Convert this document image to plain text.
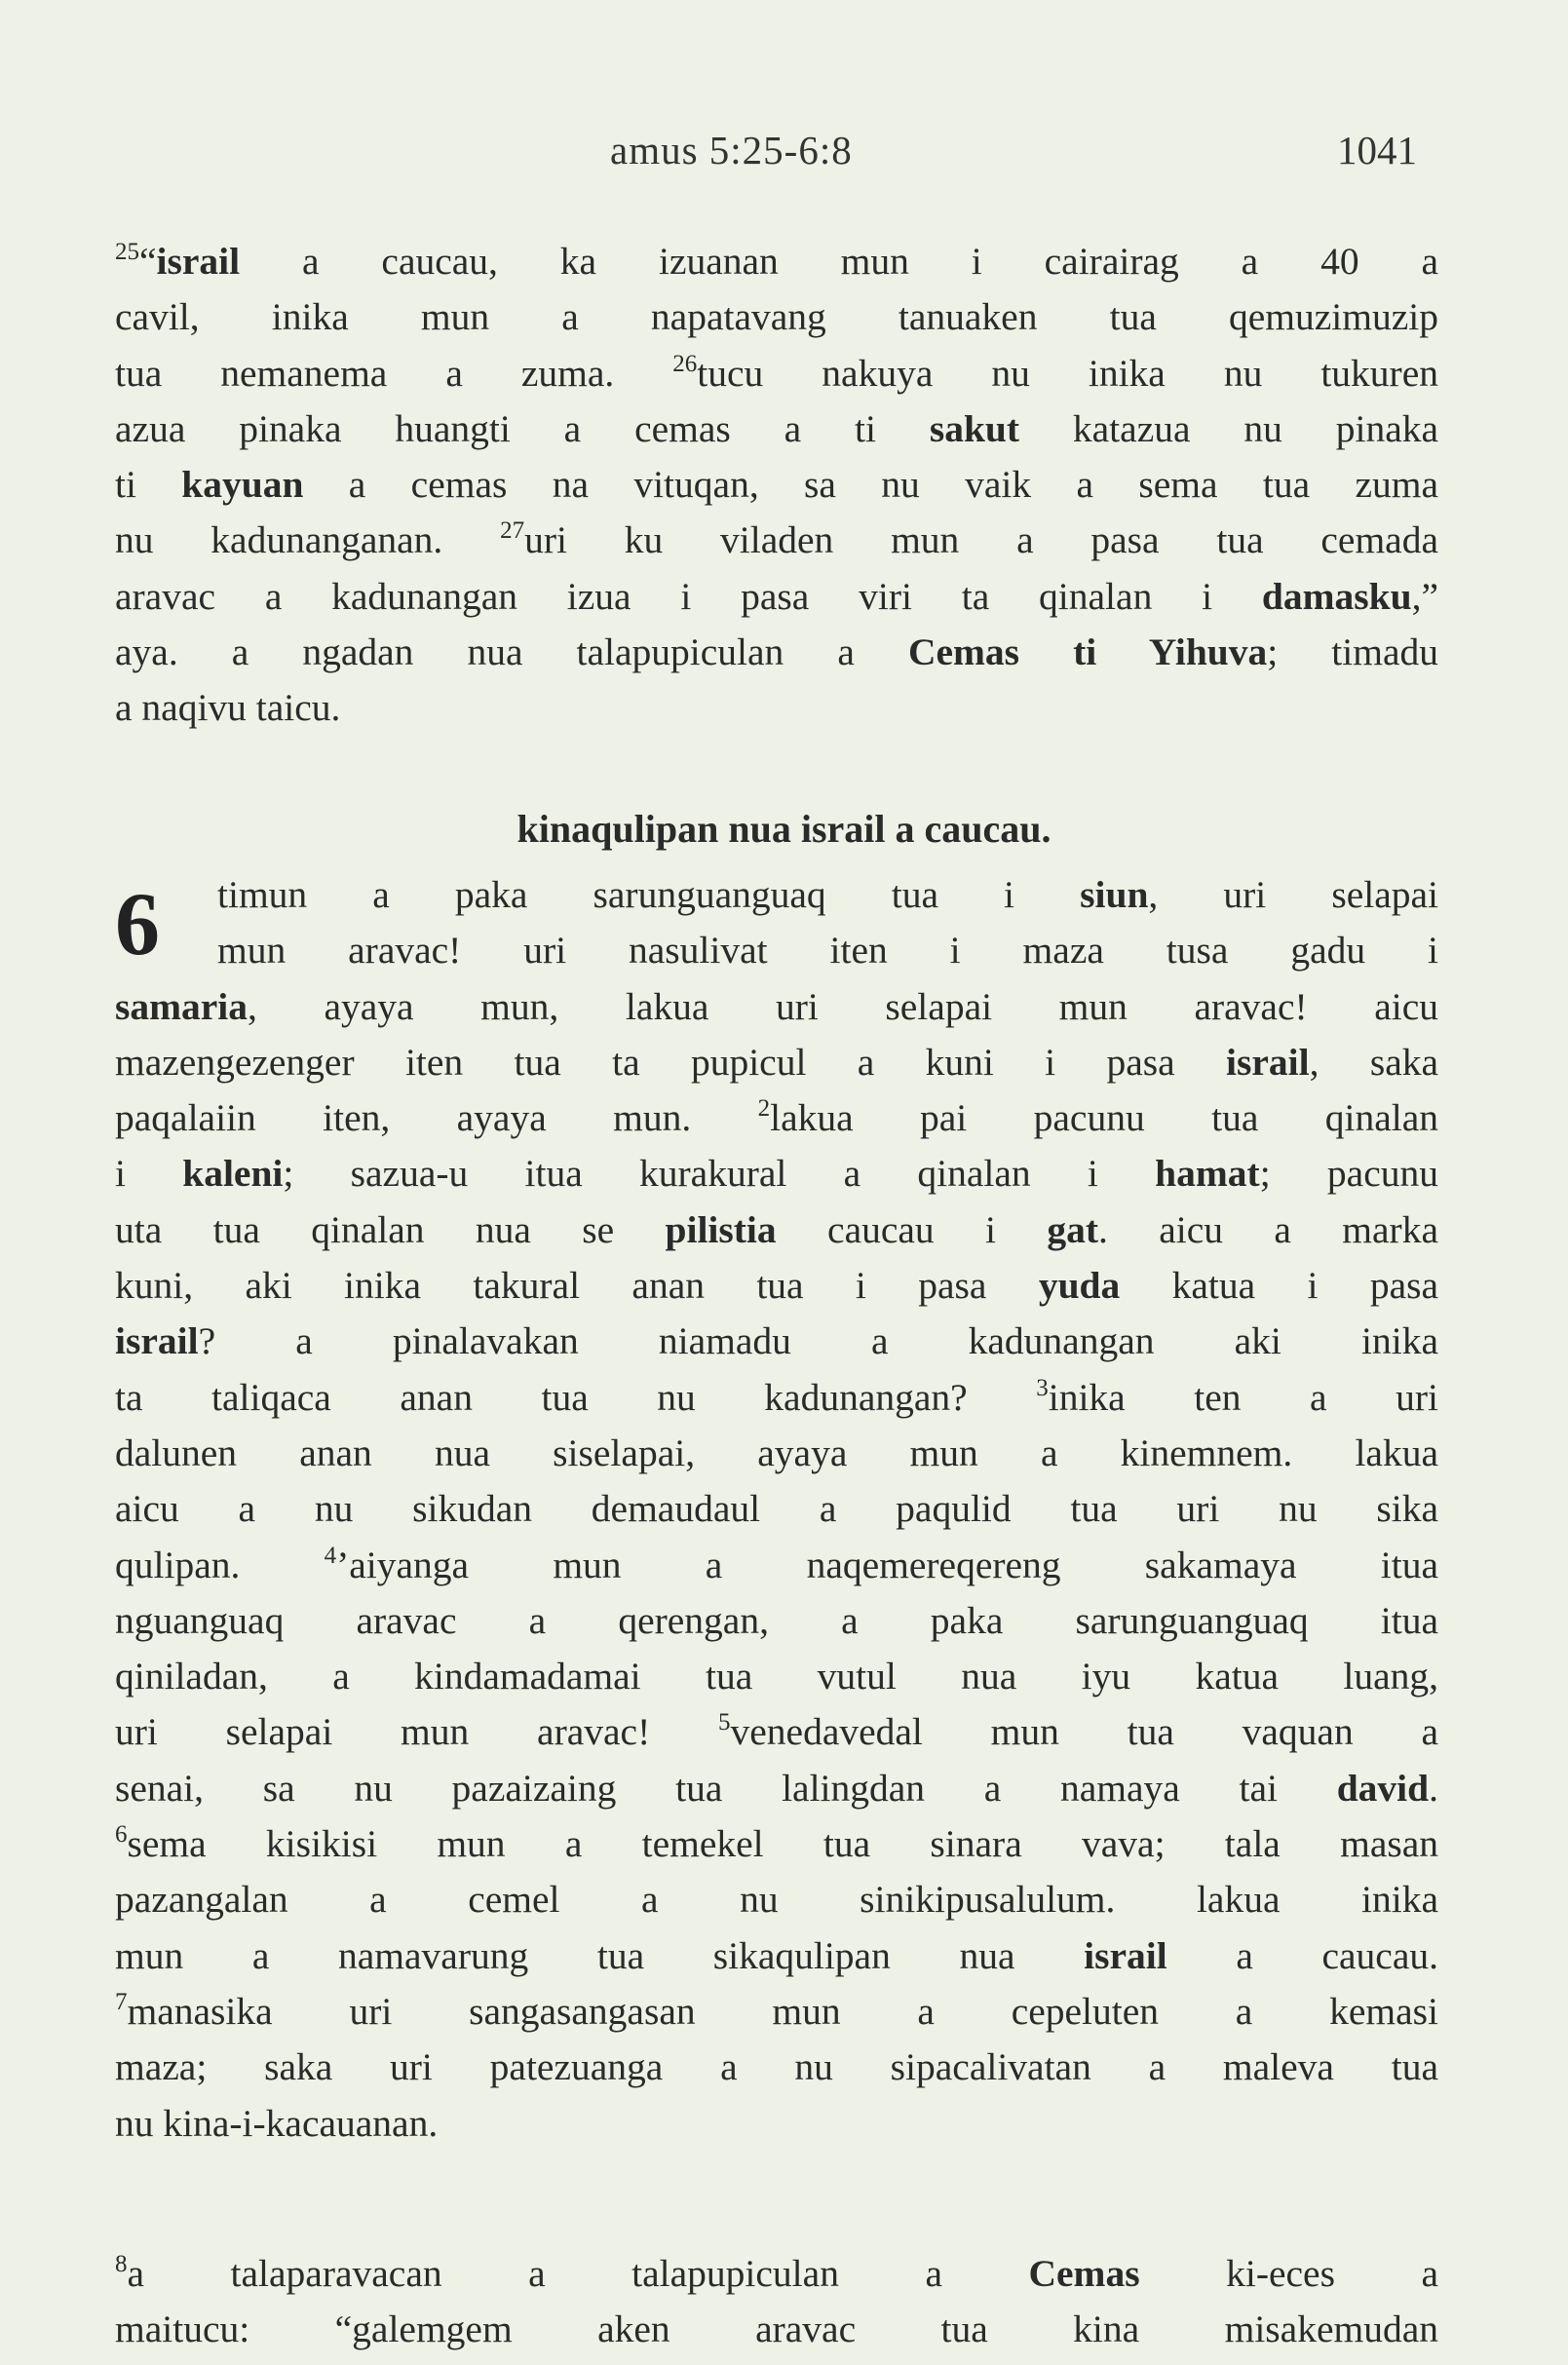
amus 5:25-6:8	1041
$^{25}$“israil a caucau, ka izuanan mun i cairairag a 40 a
cavil, inika mun a napatavang tanuaken tua qemuzimuzip
tua nemanema a zuma. $^{26}$tucu nakuya nu inika nu tukuren
azua pinaka huangti a cemas a ti sakut katazua nu pinaka
ti kayuan a cemas na vituqan, sa nu vaik a sema tua zuma
nu kadunanganan. $^{27}$uri ku viladen mun a pasa tua cemada
aravac a kadunangan izua i pasa viri ta qinalan i damasku,”
aya. a ngadan nua talapupiculan a Cemas ti Yihuva; timadu
a naqivu taicu.
kinaqulipan nua israil a caucau.
6	timun a paka sarunguanguaq tua i siun, uri selapai
mun aravac! uri nasulivat iten i maza tusa gadu i
samaria, ayaya mun, lakua uri selapai mun aravac! aicu
mazengezenger iten tua ta pupicul a kuni i pasa israil, saka
paqalaiin iten, ayaya mun. $^2$lakua pai pacunu tua qinalan
i kaleni; sazua-u itua kurakural a qinalan i hamat; pacunu
uta tua qinalan nua se pilistia caucau i gat. aicu a marka
kuni, aki inika takural anan tua i pasa yuda katua i pasa
israil? a pinalavakan niamadu a kadunangan aki inika
ta taliqaca anan tua nu kadunangan? $^3$inika ten a uri
dalunen anan nua siselapai, ayaya mun a kinemnem. lakua
aicu a nu sikudan demaudaul a paqulid tua uri nu sika
qulipan. $^4$’aiyanga mun a naqemereqereng sakamaya itua
nguanguaq aravac a qerengan, a paka sarunguanguaq itua
qiniladan, a kindamadamai tua vutul nua iyu katua luang,
uri selapai mun aravac! $^5$venedavedal mun tua vaquan a
senai, sa nu pazaizaing tua lalingdan a namaya tai david.
$^6$sema kisikisi mun a temekel tua sinara vava; tala masan
pazangalan a cemel a nu sinikipusalulum. lakua inika
mun a namavarung tua sikaqulipan nua israil a caucau.
$^7$manasika uri sangasangasan mun a cepeluten a kemasi
maza; saka uri patezuanga a nu sipacalivatan a maleva tua
nu kina-i-kacauanan.
$^8$a talaparavacan a talapupiculan a Cemas ki-eces a
maitucu: “galemgem aken aravac tua kina misakemudan
